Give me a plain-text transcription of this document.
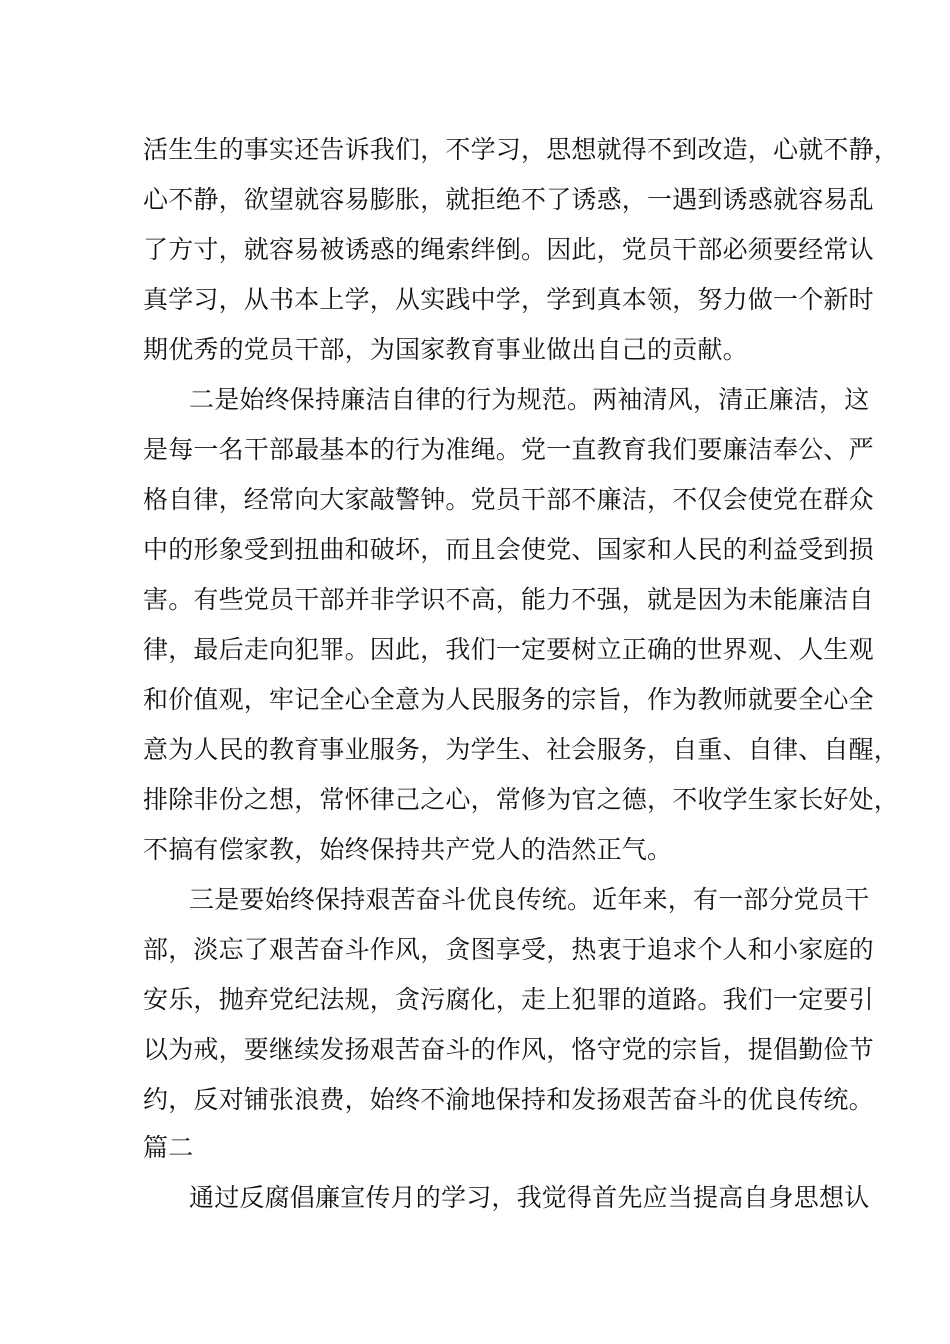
活生生的事实还告诉我们，不学习，思想就得不到改造，心就不静，
心不静，欲望就容易膨胀，就拒绝不了诱惑，一遇到诱惑就容易乱
了方寸，就容易被诱惑的绳索绊倒。因此，党员干部必须要经常认
真学习，从书本上学，从实践中学，学到真本领，努力做一个新时
期优秀的党员干部，为国家教育事业做出自己的贡献。
二是始终保持廉洁自律的行为规范。两袖清风，清正廉洁，这
是每一名干部最基本的行为准绳。党一直教育我们要廉洁奉公、严
格自律，经常向大家敲警钟。党员干部不廉洁，不仅会使党在群众
中的形象受到扭曲和破坏，而且会使党、国家和人民的利益受到损
害。有些党员干部并非学识不高，能力不强，就是因为未能廉洁自
律，最后走向犯罪。因此，我们一定要树立正确的世界观、人生观
和价值观，牢记全心全意为人民服务的宗旨，作为教师就要全心全
意为人民的教育事业服务，为学生、社会服务，自重、自律、自醒，
排除非份之想，常怀律己之心，常修为官之德，不收学生家长好处，
不搞有偿家教，始终保持共产党人的浩然正气。
三是要始终保持艰苦奋斗优良传统。近年来，有一部分党员干
部，淡忘了艰苦奋斗作风，贪图享受，热衷于追求个人和小家庭的
安乐，抛弃党纪法规，贪污腐化，走上犯罪的道路。我们一定要引
以为戒，要继续发扬艰苦奋斗的作风，恪守党的宗旨，提倡勤俭节
约，反对铺张浪费，始终不渝地保持和发扬艰苦奋斗的优良传统。
篇二
通过反腐倡廉宣传月的学习，我觉得首先应当提高自身思想认
